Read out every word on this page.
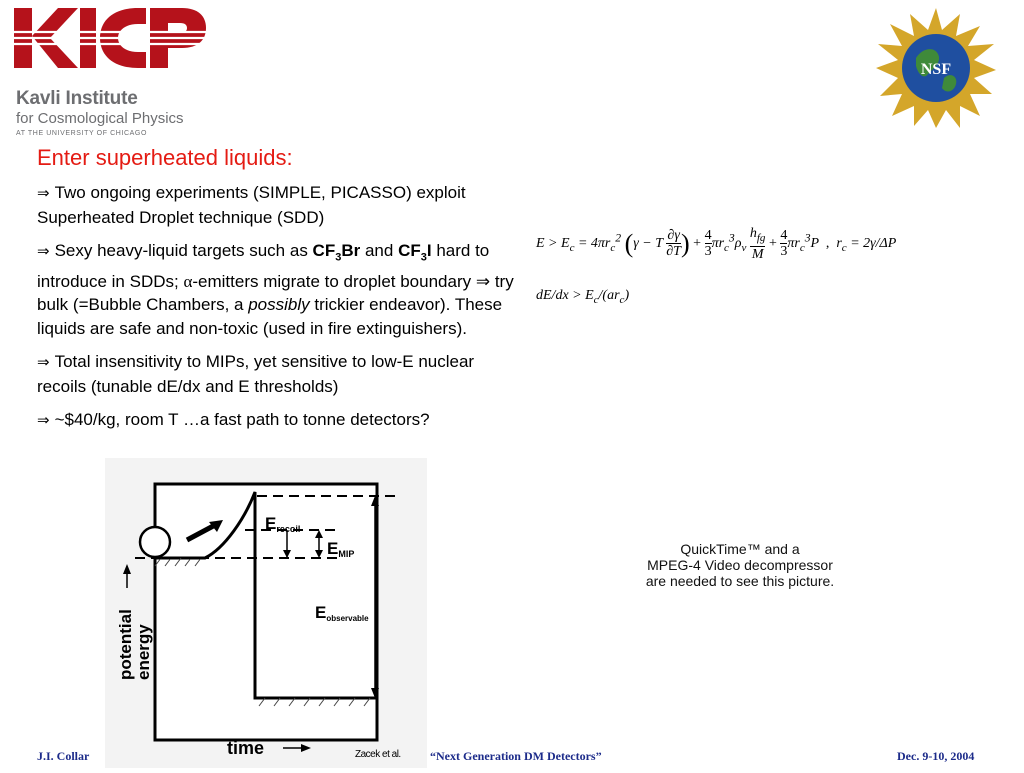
Kavli Institute
for Cosmological Physics
AT THE UNIVERSITY OF CHICAGO
NSF
Enter superheated liquids:
⇒ Two ongoing experiments (SIMPLE, PICASSO) exploit Superheated Droplet technique (SDD)
⇒ Sexy heavy-liquid targets such as $CF_3Br$ and $CF_3I$ hard to introduce in SDDs; α-emitters migrate to droplet boundary ⇒ try bulk (=Bubble Chambers, a possibly trickier endeavor). These liquids are safe and non-toxic (used in fire extinguishers).
⇒ Total insensitivity to MIPs, yet sensitive to low-E nuclear recoils (tunable dE/dx and E thresholds)
⇒ ~$40/kg, room T …a fast path to tonne detectors?
$E > E_c = 4\pi r_c^2$ (γ − T $\frac{\partial\gamma}{\partial T}$ ) + $\frac{4}{3} \pi r_c^3\rho_v$
$h_{fg}$
M
+ $\frac{4}{3} \pi r_c^3P$  ,  $r_c = 2\gamma/\Delta P$
$dE/dx > E_c/(ar_c)$
QuickTime™ and a
MPEG-4 Video decompressor
are needed to see this picture.
Erecoil
EMIP
Eobservable
potential energy
time	Zacek et al.
J.I. Collar	“Next Generation DM Detectors”	Dec. 9-10, 2004
